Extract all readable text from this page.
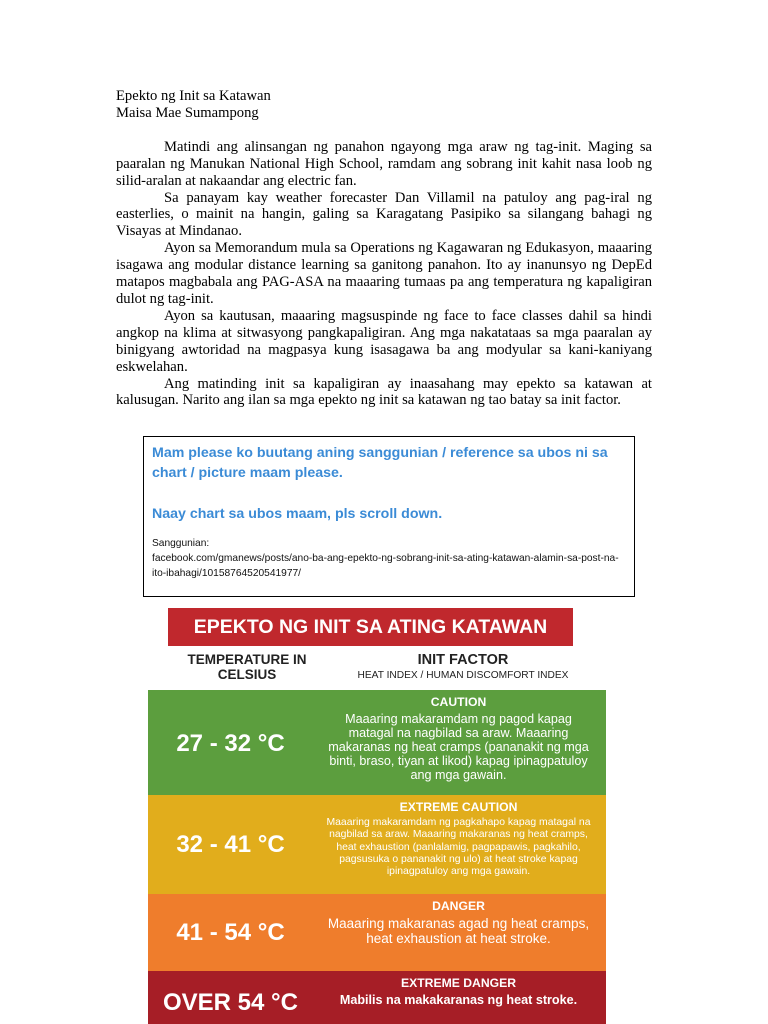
Epekto ng Init sa Katawan

Maisa Mae Sumampong

Matindi ang alinsangan ng panahon ngayong mga araw ng tag-init. Maging sa paaralan ng Manukan National High School, ramdam ang sobrang init kahit nasa loob ng silid-aralan at nakaandar ang electric fan.

Sa panayam kay weather forecaster Dan Villamil na patuloy ang pag-iral ng easterlies, o mainit na hangin, galing sa Karagatang Pasipiko sa silangang bahagi ng Visayas at Mindanao.

Ayon sa Memorandum mula sa Operations ng Kagawaran ng Edukasyon, maaaring isagawa ang modular distance learning sa ganitong panahon. Ito ay inanunsyo ng DepEd matapos magbabala ang PAG-ASA na maaaring tumaas pa ang temperatura ng kapaligiran dulot ng tag-init.

Ayon sa kautusan, maaaring magsuspinde ng face to face classes dahil sa hindi angkop na klima at sitwasyong pangkapaligiran. Ang mga nakatataas sa mga paaralan ay binigyang awtoridad na magpasya kung isasagawa ba ang modyular sa kani-kaniyang eskwelahan.

Ang matinding init sa kapaligiran ay inaasahang may epekto sa katawan at kalusugan. Narito ang ilan sa mga epekto ng init sa katawan ng tao batay sa init factor.

Mam please ko buutang aning sanggunian / reference sa ubos ni sa chart / picture maam please.

Naay chart sa ubos maam, pls scroll down.

Sanggunian:
facebook.com/gmanews/posts/ano-ba-ang-epekto-ng-sobrang-init-sa-ating-katawan-alamin-sa-post-na-ito-ibahagi/10158764520541977/
EPEKTO NG INIT SA ATING KATAWAN
TEMPERATURE IN CELSIUS
INIT FACTOR
HEAT INDEX / HUMAN DISCOMFORT INDEX
27 - 32 °C
CAUTION
Maaaring makaramdam ng pagod kapag matagal na nagbilad sa araw. Maaaring makaranas ng heat cramps (pananakit ng mga binti, braso, tiyan at likod) kapag ipinagpatuloy ang mga gawain.
32 - 41 °C
EXTREME CAUTION
Maaaring makaramdam ng pagkahapo kapag matagal na nagbilad sa araw. Maaaring makaranas ng heat cramps, heat exhaustion (panlalamig, pagpapawis, pagkahilo, pagsusuka o pananakit ng ulo) at heat stroke kapag ipinagpatuloy ang mga gawain.
41 - 54 °C
DANGER
Maaaring makaranas agad ng heat cramps, heat exhaustion at heat stroke.
OVER 54 °C
EXTREME DANGER
Mabilis na makakaranas ng heat stroke.
